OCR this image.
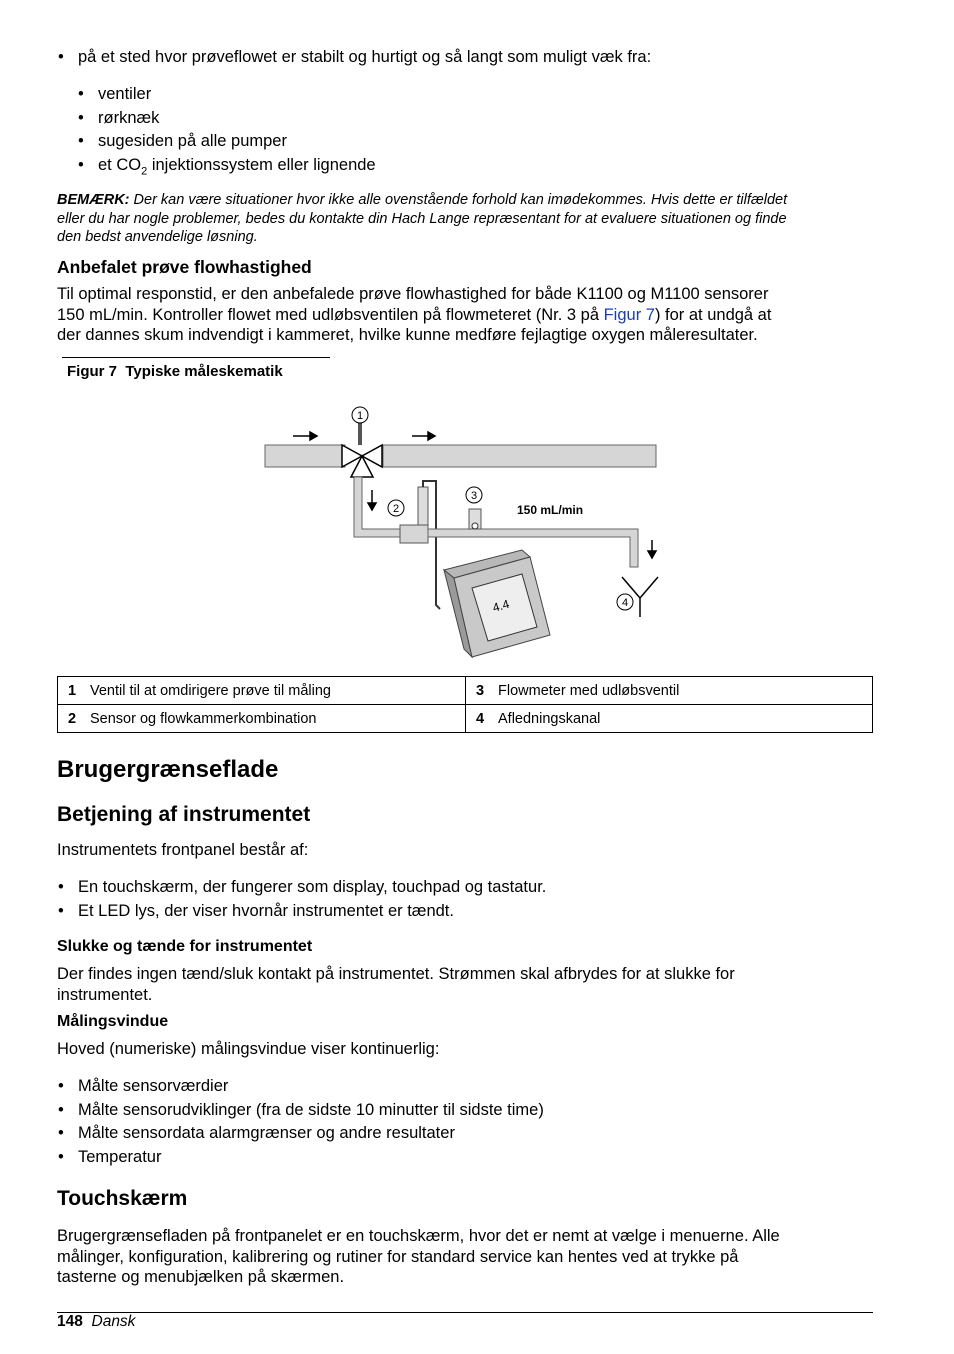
• på et sted hvor prøveflowet er stabilt og hurtigt og så langt som muligt væk fra:
• ventiler
• rørknæk
• sugesiden på alle pumper
• et $CO_2$ injektionssystem eller lignende
BEMÆRK: Der kan være situationer hvor ikke alle ovenstående forhold kan imødekommes. Hvis dette er tilfældet
eller du har nogle problemer, bedes du kontakte din Hach Lange repræsentant for at evaluere situationen og finde
den bedst anvendelige løsning.
Anbefalet prøve flowhastighed
Til optimal responstid, er den anbefalede prøve flowhastighed for både K1100 og M1100 sensorer
150 mL/min. Kontroller flowet med udløbsventilen på flowmeteret (Nr. 3 på Figur 7) for at undgå at
der dannes skum indvendigt i kammeret, hvilke kunne medføre fejlagtige oxygen måleresultater.
Figur 7 Typiske måleskematik
150 mL/min
4.4
1
2
3
4
1 Ventil til at omdirigere prøve til måling	3 Flowmeter med udløbsventil
2 Sensor og flowkammerkombination	4 Afledningskanal
Brugergrænseflade
Betjening af instrumentet
Instrumentets frontpanel består af:
• En touchskærm, der fungerer som display, touchpad og tastatur.
• Et LED lys, der viser hvornår instrumentet er tændt.
Slukke og tænde for instrumentet
Der findes ingen tænd/sluk kontakt på instrumentet. Strømmen skal afbrydes for at slukke for
instrumentet.
Målingsvindue
Hoved (numeriske) målingsvindue viser kontinuerlig:
• Målte sensorværdier
• Målte sensorudviklinger (fra de sidste 10 minutter til sidste time)
• Målte sensordata alarmgrænser og andre resultater
• Temperatur
Touchskærm
Brugergrænsefladen på frontpanelet er en touchskærm, hvor det er nemt at vælge i menuerne. Alle
målinger, konfiguration, kalibrering og rutiner for standard service kan hentes ved at trykke på
tasterne og menubjælken på skærmen.
148 Dansk
